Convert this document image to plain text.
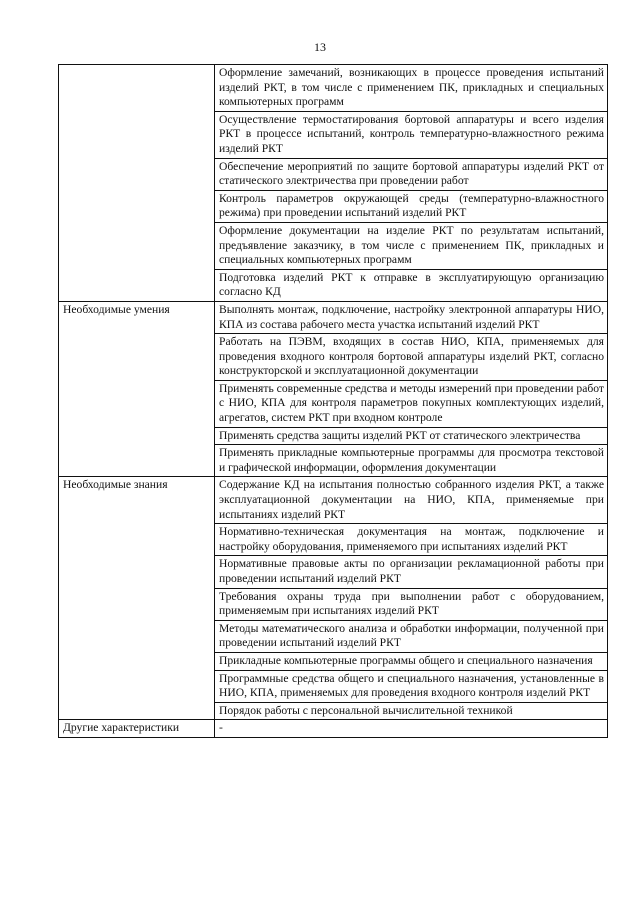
13
	Оформление замечаний, возникающих в процессе проведения испытаний изделий РКТ, в том числе с применением ПК, прикладных и специальных компьютерных программ
	Осуществление термостатирования бортовой аппаратуры и всего изделия РКТ в процессе испытаний, контроль температурно-влажностного режима изделий РКТ
	Обеспечение мероприятий по защите бортовой аппаратуры изделий РКТ от статического электричества при проведении работ
	Контроль параметров окружающей среды (температурно-влажностного режима) при проведении испытаний изделий РКТ
	Оформление документации на изделие РКТ по результатам испытаний, предъявление заказчику, в том числе с применением ПК, прикладных и специальных компьютерных программ
	Подготовка изделий РКТ к отправке в эксплуатирующую организацию согласно КД
Необходимые умения	Выполнять монтаж, подключение, настройку электронной аппаратуры НИО, КПА из состава рабочего места участка испытаний изделий РКТ
	Работать на ПЭВМ, входящих в состав НИО, КПА, применяемых для проведения входного контроля бортовой аппаратуры изделий РКТ, согласно конструкторской и эксплуатационной документации
	Применять современные средства и методы измерений при проведении работ с НИО, КПА для контроля параметров покупных комплектующих изделий, агрегатов, систем РКТ при входном контроле
	Применять средства защиты изделий РКТ от статического электричества
	Применять прикладные компьютерные программы для просмотра текстовой и графической информации, оформления документации
Необходимые знания	Содержание КД на испытания полностью собранного изделия РКТ, а также эксплуатационной документации на НИО, КПА, применяемые при испытаниях изделий РКТ
	Нормативно-техническая документация на монтаж, подключение и настройку оборудования, применяемого при испытаниях изделий РКТ
	Нормативные правовые акты по организации рекламационной работы при проведении испытаний изделий РКТ
	Требования охраны труда при выполнении работ с оборудованием, применяемым при испытаниях изделий РКТ
	Методы математического анализа и обработки информации, полученной при проведении испытаний изделий РКТ
	Прикладные компьютерные программы общего и специального назначения
	Программные средства общего и специального назначения, установленные в НИО, КПА, применяемых для проведения входного контроля изделий РКТ
	Порядок работы с персональной вычислительной техникой
Другие характеристики	-
